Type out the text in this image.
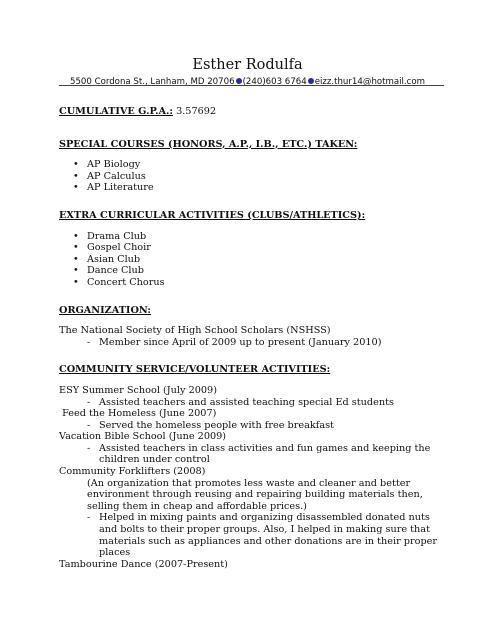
Esther Rodulfa
5500 Cordona St., Lanham, MD 20706 (240)603 6764 eizz.thur14@hotmail.com
CUMULATIVE G.P.A.: 3.57692
SPECIAL COURSES (HONORS, A.P., I.B., ETC.) TAKEN:
• AP Biology
• AP Calculus
• AP Literature
EXTRA CURRICULAR ACTIVITIES (CLUBS/ATHLETICS):
• Drama Club
• Gospel Choir
• Asian Club
• Dance Club
• Concert Chorus
ORGANIZATION:
The National Society of High School Scholars (NSHSS)
- Member since April of 2009 up to present (January 2010)
COMMUNITY SERVICE/VOLUNTEER ACTIVITIES:
ESY Summer School (July 2009)
- Assisted teachers and assisted teaching special Ed students
Feed the Homeless (June 2007)
- Served the homeless people with free breakfast
Vacation Bible School (June 2009)
- Assisted teachers in class activities and fun games and keeping the children under control
Community Forklifters (2008)
(An organization that promotes less waste and cleaner and better environment through reusing and repairing building materials then, selling them in cheap and affordable prices.)
- Helped in mixing paints and organizing disassembled donated nuts and bolts to their proper groups. Also, I helped in making sure that materials such as appliances and other donations are in their proper places
Tambourine Dance (2007-Present)
